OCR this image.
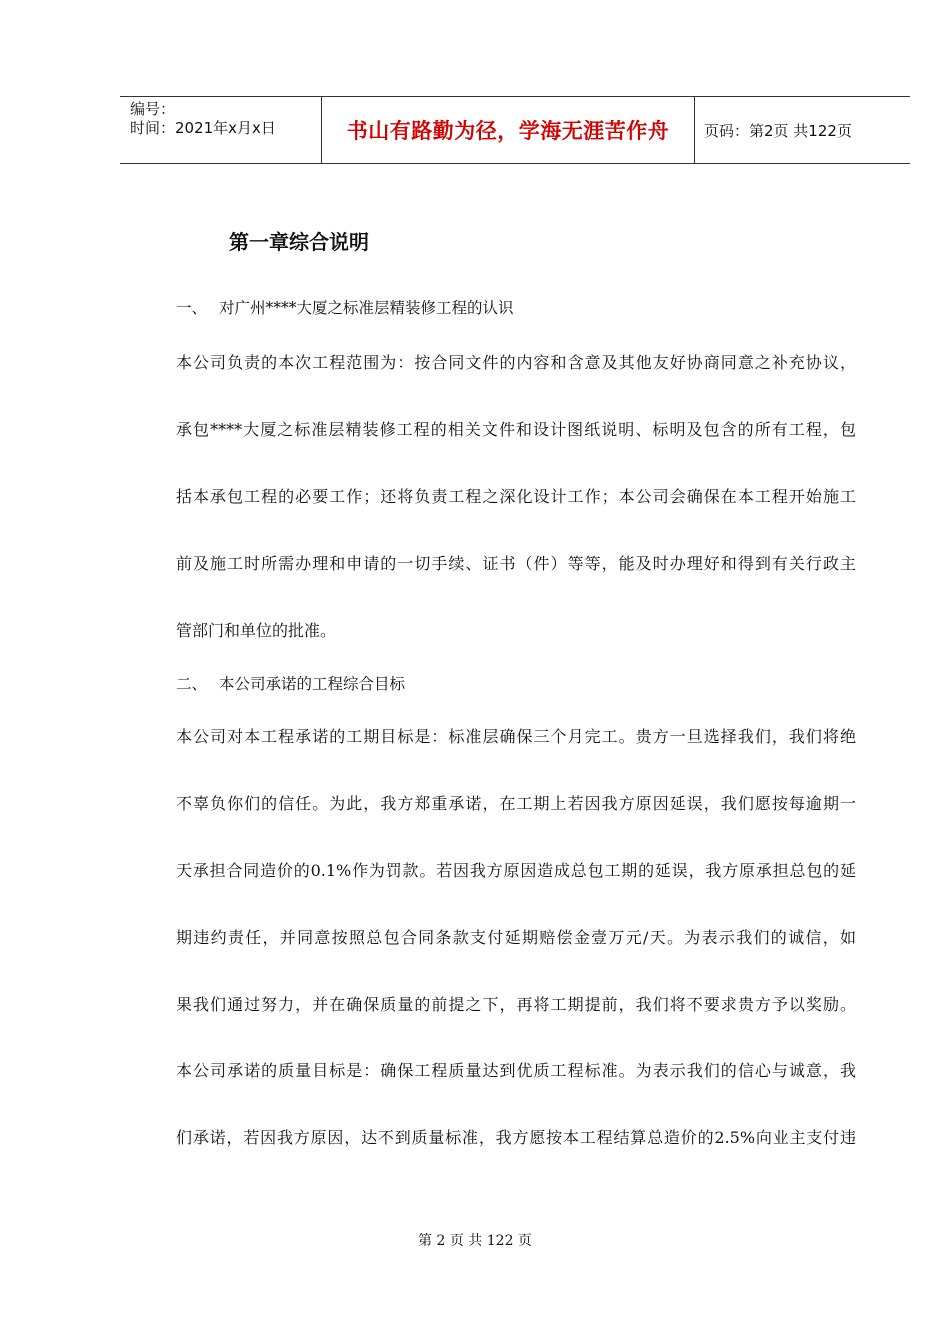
编号：
时间：2021年x月x日	书山有路勤为径，学海无涯苦作舟 页码：第2页 共122页
第一章综合说明
一、 对广州****大厦之标准层精装修工程的认识
本公司负责的本次工程范围为：按合同文件的内容和含意及其他友好协商同意之补充协议，
承包****大厦之标准层精装修工程的相关文件和设计图纸说明、标明及包含的所有工程，包
括本承包工程的必要工作；还将负责工程之深化设计工作；本公司会确保在本工程开始施工
前及施工时所需办理和申请的一切手续、证书（件）等等，能及时办理好和得到有关行政主
管部门和单位的批准。
二、 本公司承诺的工程综合目标
本公司对本工程承诺的工期目标是：标准层确保三个月完工。贵方一旦选择我们，我们将绝
不辜负你们的信任。为此，我方郑重承诺，在工期上若因我方原因延误，我们愿按每逾期一
天承担合同造价的0.1%作为罚款。若因我方原因造成总包工期的延误，我方原承担总包的延
期违约责任，并同意按照总包合同条款支付延期赔偿金壹万元/天。为表示我们的诚信，如
果我们通过努力，并在确保质量的前提之下，再将工期提前，我们将不要求贵方予以奖励。
本公司承诺的质量目标是：确保工程质量达到优质工程标准。为表示我们的信心与诚意，我
们承诺，若因我方原因，达不到质量标准，我方愿按本工程结算总造价的2.5%向业主支付违
第 2 页 共 122 页
